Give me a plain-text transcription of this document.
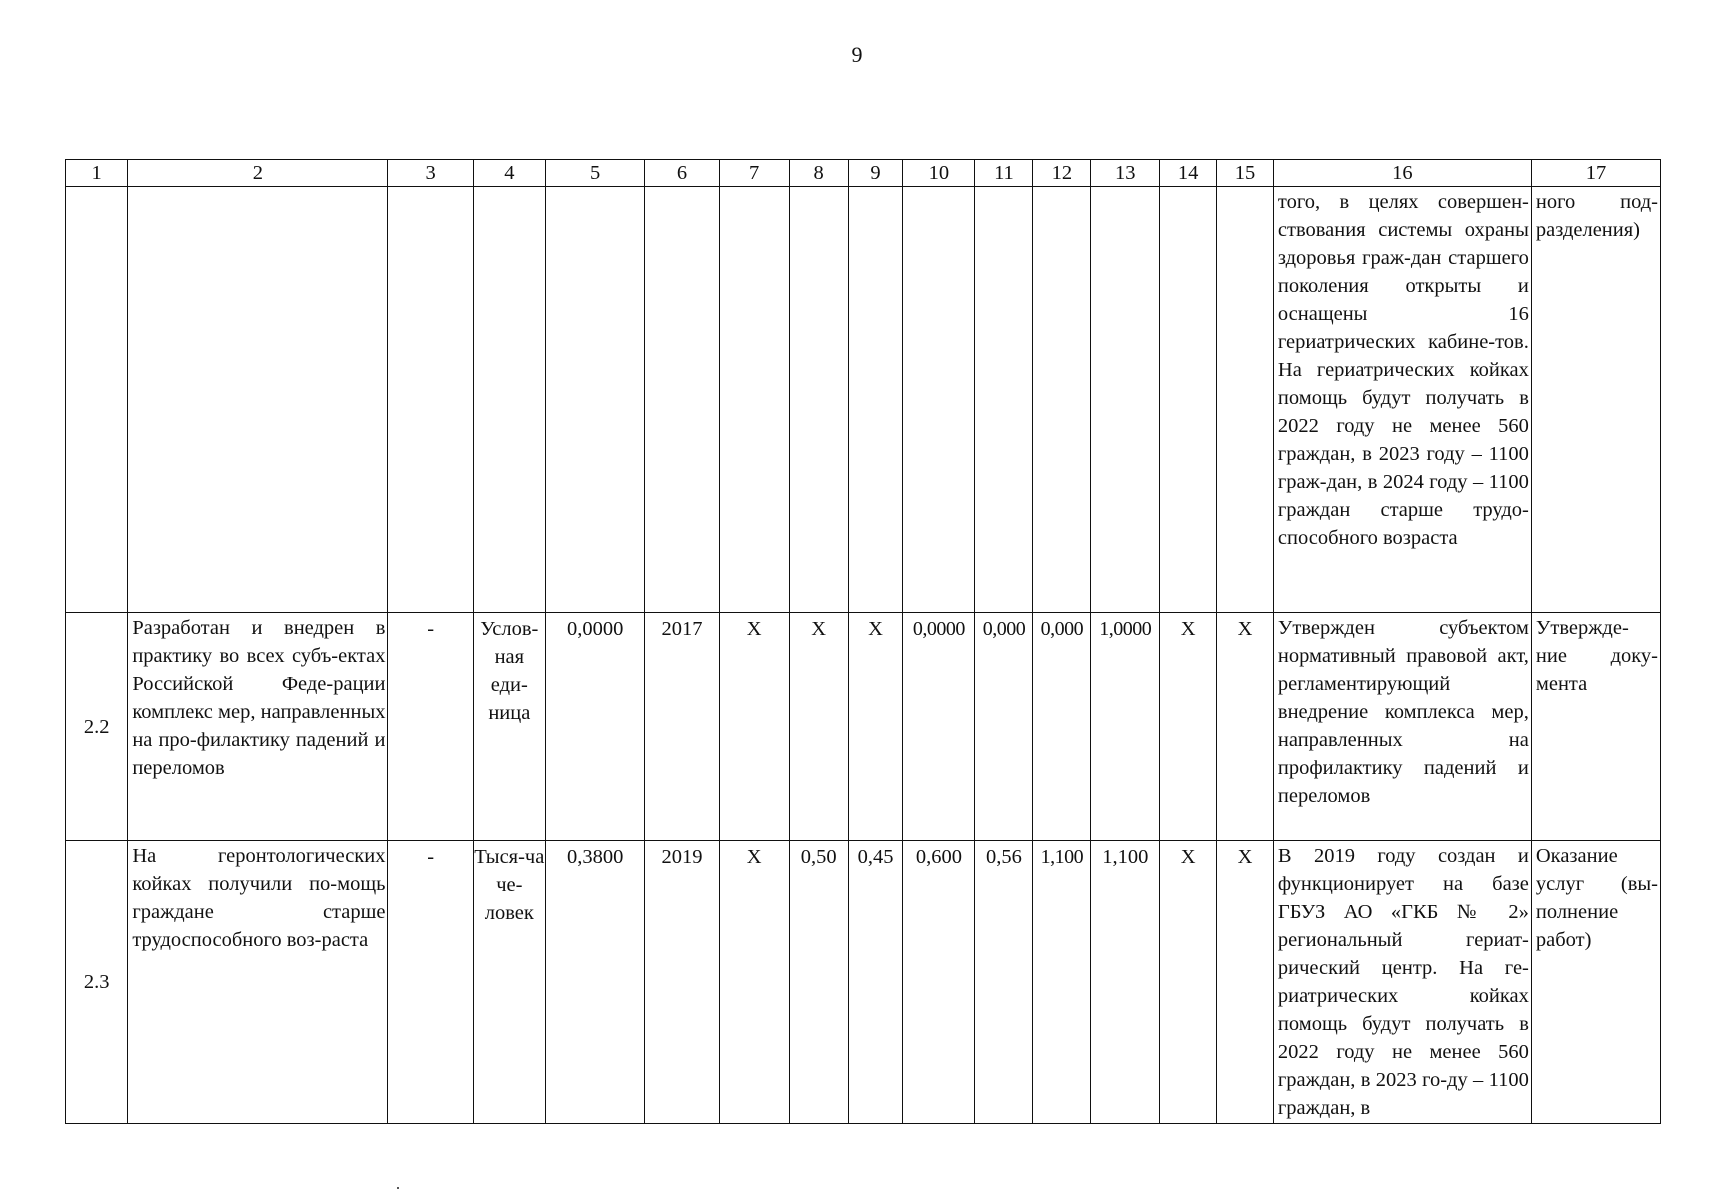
9
1	2	3	4	5	6	7	8	9	10	11	12	13	14	15	16	17
															того, в целях совершен-ствования системы охраны здоровья граж-дан старшего поколения открыты и оснащены 16 гериатрических кабине-тов. На гериатрических койках помощь будут получать в 2022 году не менее 560 граждан, в 2023 году – 1100 граж-дан, в 2024 году – 1100 граждан старше трудо-способного возраста	ного под-разделения)
2.2	Разработан и внедрен в практику во всех субъ-ектах Российской Феде-рации комплекс мер, направленных на про-филактику падений и переломов	-	Услов-ная еди-ница	0,0000	2017	X	X	X	0,0000	0,000	0,000	1,0000	X	X	Утвержден субъектом нормативный правовой акт, регламентирующий внедрение комплекса мер, направленных на профилактику падений и переломов	Утвержде-ние доку-мента
2.3	На геронтологических койках получили по-мощь граждане старше трудоспособного воз-раста	-	Тыся-ча че-ловек	0,3800	2019	X	0,50	0,45	0,600	0,56	1,100	1,100	X	X	В 2019 году создан и функционирует на базе ГБУЗ АО «ГКБ № 2» региональный гериат-рический центр. На ге-риатрических койках помощь будут получать в 2022 году не менее 560 граждан, в 2023 го-ду – 1100 граждан, в	Оказание услуг (вы-полнение работ)
